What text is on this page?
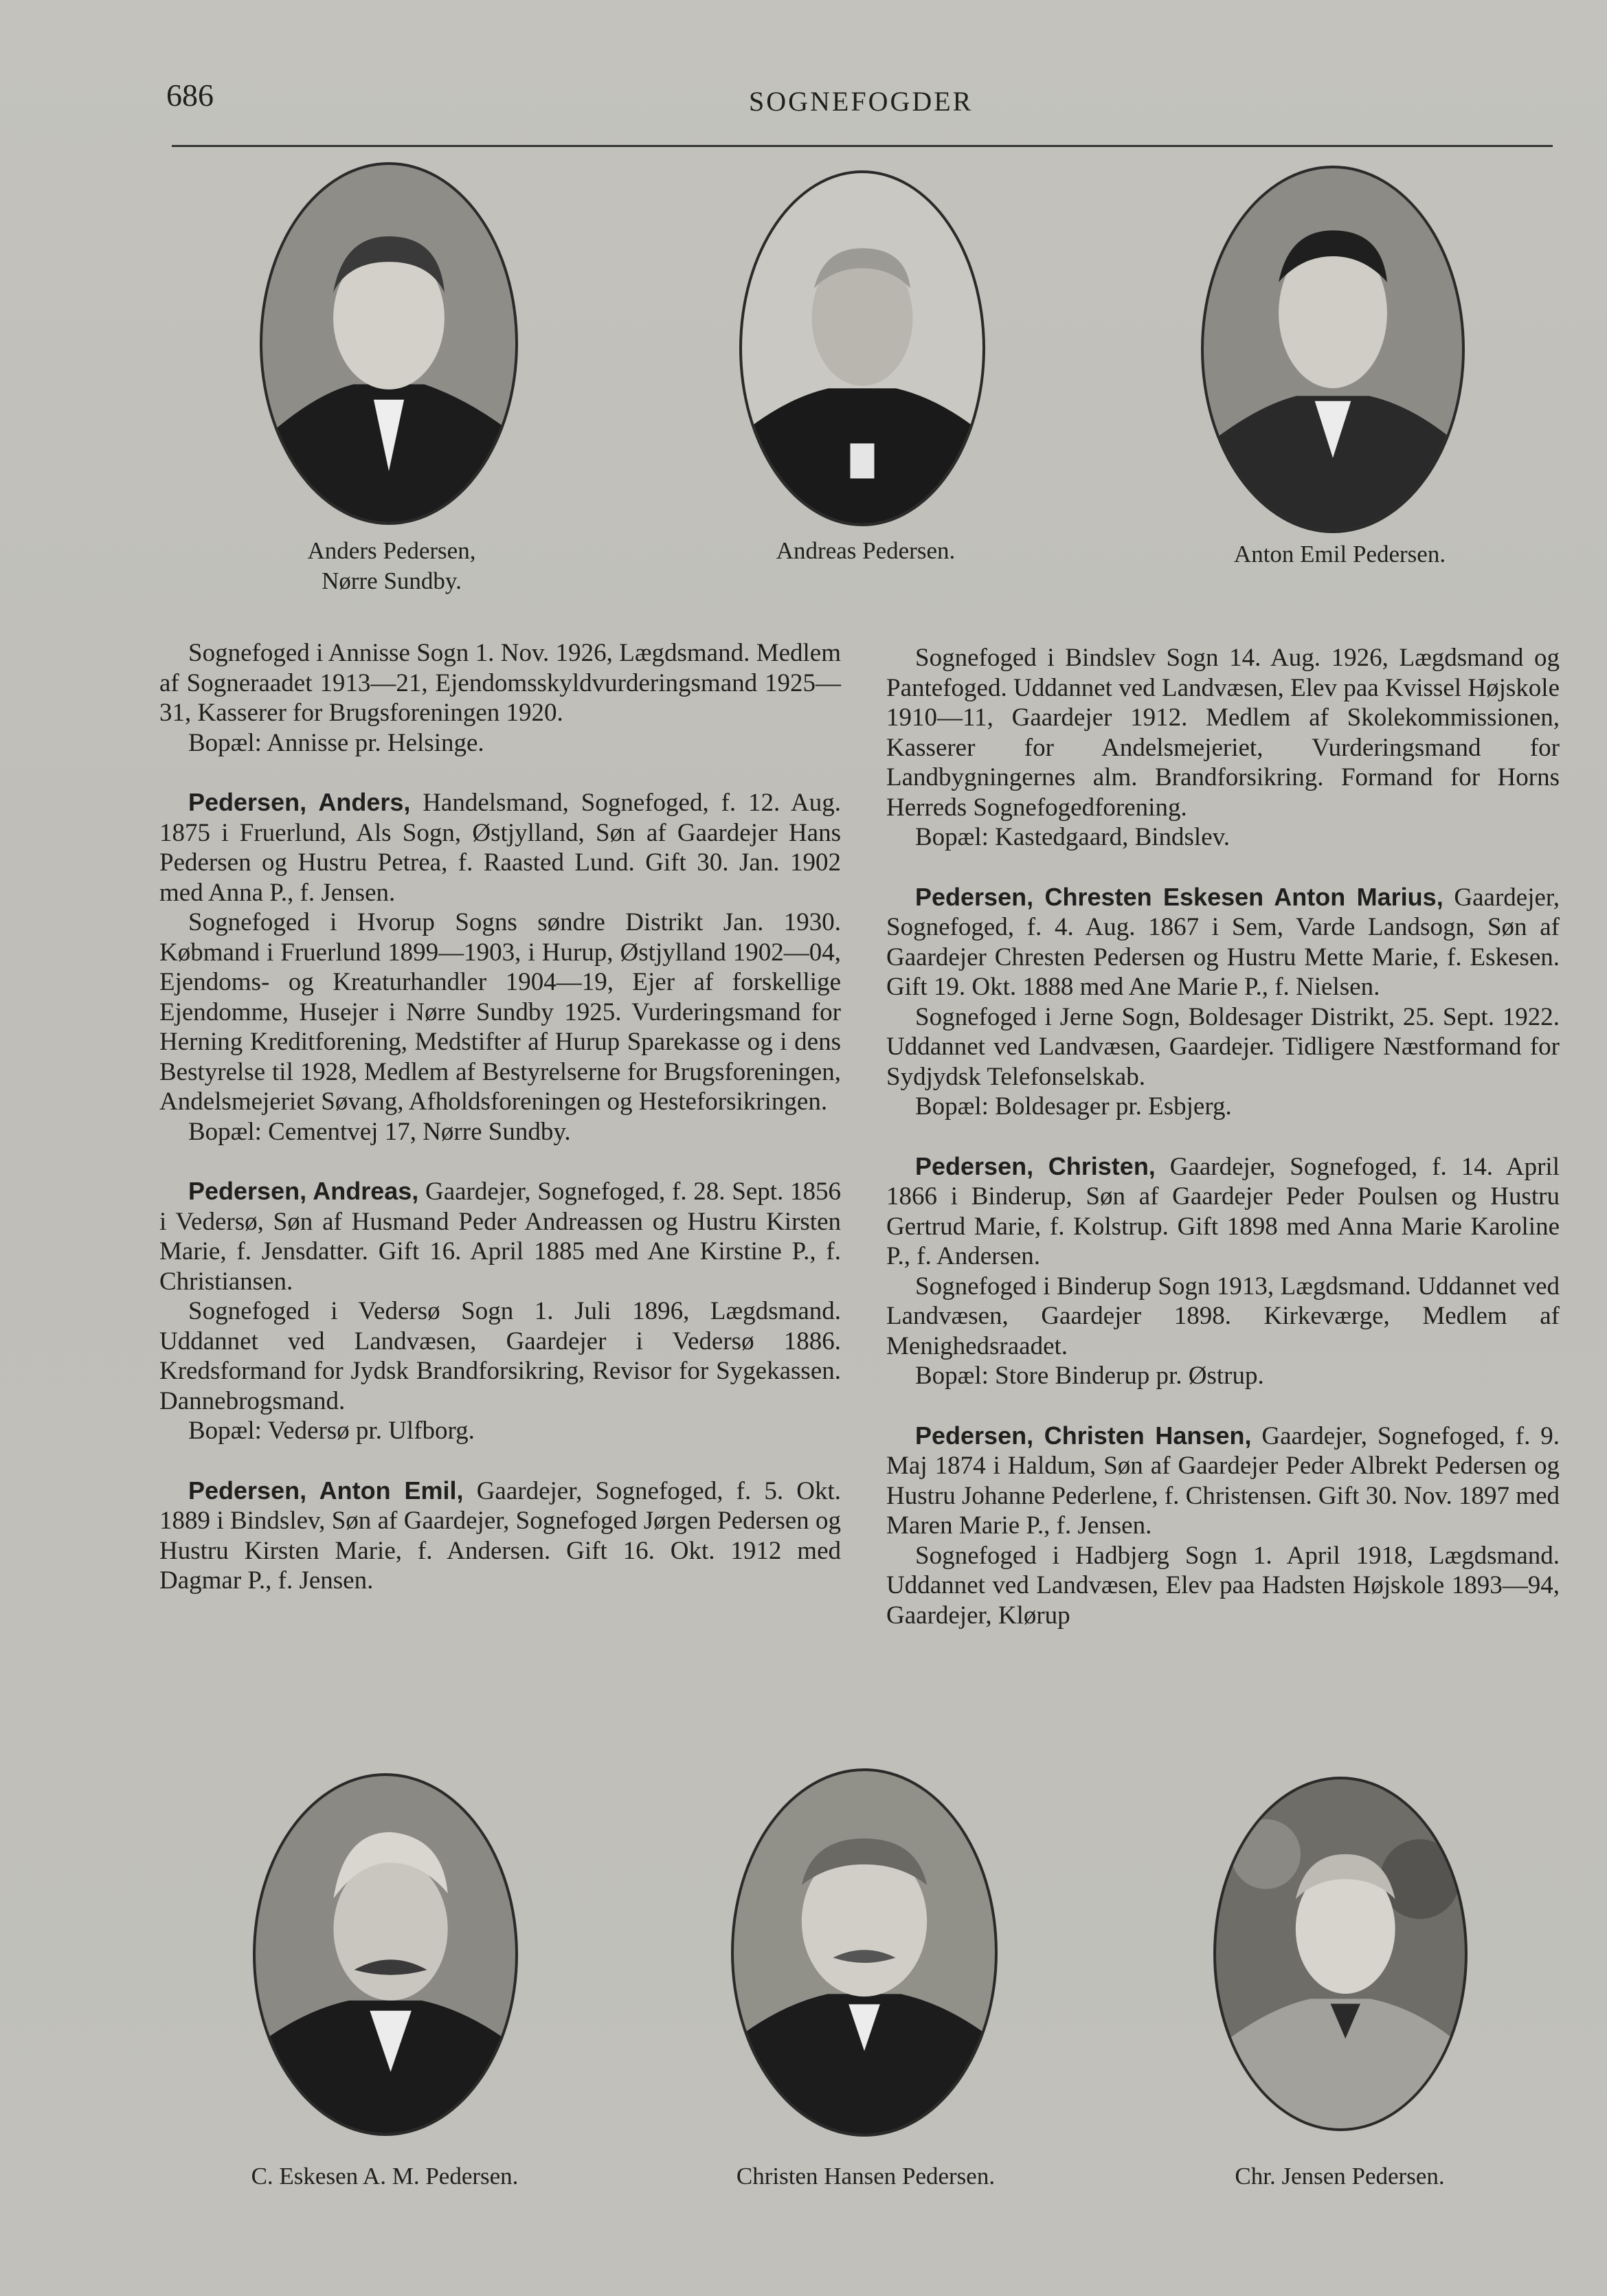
686	SOGNEFOGDER
Anders Pedersen,
Nørre Sundby.
Andreas Pedersen.	Anton Emil Pedersen.

Sognefoged i Annisse Sogn 1. Nov. 1926, Lægdsmand. Medlem af Sogneraadet 1913—21, Ejendomsskyldvurderingsmand 1925—31, Kasserer for Brugsforeningen 1920.

Bopæl: Annisse pr. Helsinge.

Pedersen, Anders, Handelsmand, Sognefoged, f. 12. Aug. 1875 i Fruerlund, Als Sogn, Østjylland, Søn af Gaardejer Hans Pedersen og Hustru Petrea, f. Raasted Lund. Gift 30. Jan. 1902 med Anna P., f. Jensen.

Sognefoged i Hvorup Sogns søndre Distrikt Jan. 1930. Købmand i Fruerlund 1899—1903, i Hurup, Østjylland 1902—04, Ejendoms- og Kreaturhandler 1904—19, Ejer af forskellige Ejendomme, Husejer i Nørre Sundby 1925. Vurderingsmand for Herning Kreditforening, Medstifter af Hurup Sparekasse og i dens Bestyrelse til 1928, Medlem af Bestyrelserne for Brugsforeningen, Andelsmejeriet Søvang, Afholdsforeningen og Hesteforsikringen.

Bopæl: Cementvej 17, Nørre Sundby.

Pedersen, Andreas, Gaardejer, Sognefoged, f. 28. Sept. 1856 i Vedersø, Søn af Husmand Peder Andreassen og Hustru Kirsten Marie, f. Jensdatter. Gift 16. April 1885 med Ane Kirstine P., f. Christiansen.

Sognefoged i Vedersø Sogn 1. Juli 1896, Lægdsmand. Uddannet ved Landvæsen, Gaardejer i Vedersø 1886. Kredsformand for Jydsk Brandforsikring, Revisor for Sygekassen. Dannebrogsmand.

Bopæl: Vedersø pr. Ulfborg.

Pedersen, Anton Emil, Gaardejer, Sognefoged, f. 5. Okt. 1889 i Bindslev, Søn af Gaardejer, Sognefoged Jørgen Pedersen og Hustru Kirsten Marie, f. Andersen. Gift 16. Okt. 1912 med Dagmar P., f. Jensen.

Sognefoged i Bindslev Sogn 14. Aug. 1926, Lægdsmand og Pantefoged. Uddannet ved Landvæsen, Elev paa Kvissel Højskole 1910—11, Gaardejer 1912. Medlem af Skolekommissionen, Kasserer for Andelsmejeriet, Vurderingsmand for Landbygningernes alm. Brandforsikring. Formand for Horns Herreds Sognefogedforening.

Bopæl: Kastedgaard, Bindslev.

Pedersen, Chresten Eskesen Anton Marius, Gaardejer, Sognefoged, f. 4. Aug. 1867 i Sem, Varde Landsogn, Søn af Gaardejer Chresten Pedersen og Hustru Mette Marie, f. Eskesen. Gift 19. Okt. 1888 med Ane Marie P., f. Nielsen.

Sognefoged i Jerne Sogn, Boldesager Distrikt, 25. Sept. 1922. Uddannet ved Landvæsen, Gaardejer. Tidligere Næstformand for Sydjydsk Telefonselskab.

Bopæl: Boldesager pr. Esbjerg.

Pedersen, Christen, Gaardejer, Sognefoged, f. 14. April 1866 i Binderup, Søn af Gaardejer Peder Poulsen og Hustru Gertrud Marie, f. Kolstrup. Gift 1898 med Anna Marie Karoline P., f. Andersen.

Sognefoged i Binderup Sogn 1913, Lægdsmand. Uddannet ved Landvæsen, Gaardejer 1898. Kirkeværge, Medlem af Menighedsraadet.

Bopæl: Store Binderup pr. Østrup.

Pedersen, Christen Hansen, Gaardejer, Sognefoged, f. 9. Maj 1874 i Haldum, Søn af Gaardejer Peder Albrekt Pedersen og Hustru Johanne Pederlene, f. Christensen. Gift 30. Nov. 1897 med Maren Marie P., f. Jensen.

Sognefoged i Hadbjerg Sogn 1. April 1918, Lægdsmand. Uddannet ved Landvæsen, Elev paa Hadsten Højskole 1893—94, Gaardejer, Klørup

C. Eskesen A. M. Pedersen.	Christen Hansen Pedersen.	Chr. Jensen Pedersen.
